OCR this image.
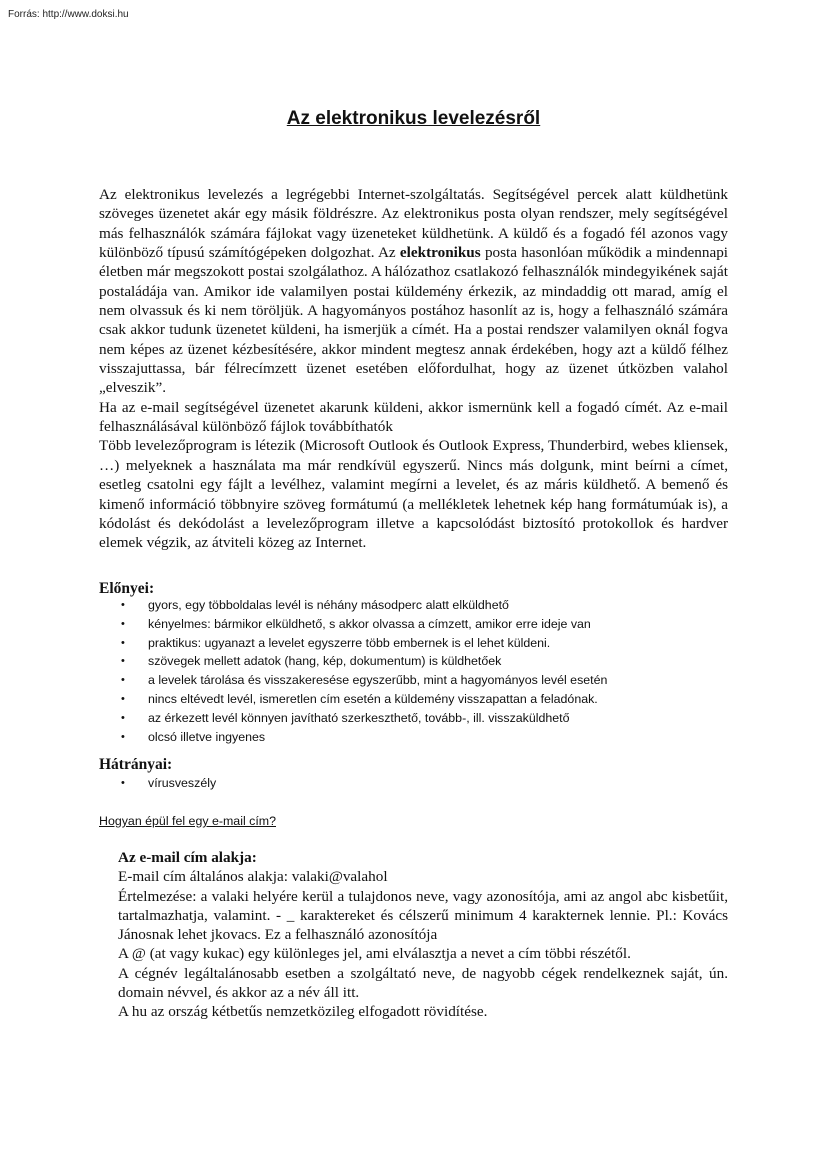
Forrás: http://www.doksi.hu
Az elektronikus levelezésről

Az elektronikus levelezés a legrégebbi Internet-szolgáltatás. Segítségével percek alatt küldhetünk szöveges üzenetet akár egy másik földrészre. Az elektronikus posta olyan rendszer, mely segítségével más felhasználók számára fájlokat vagy üzeneteket küldhetünk. A küldő és a fogadó fél azonos vagy különböző típusú számítógépeken dolgozhat. Az elektronikus posta hasonlóan működik a mindennapi életben már megszokott postai szolgálathoz. A hálózathoz csatlakozó felhasználók mindegyikének saját postaládája van. Amikor ide valamilyen postai küldemény érkezik, az mindaddig ott marad, amíg el nem olvassuk és ki nem töröljük. A hagyományos postához hasonlít az is, hogy a felhasználó számára csak akkor tudunk üzenetet küldeni, ha ismerjük a címét. Ha a postai rendszer valamilyen oknál fogva nem képes az üzenet kézbesítésére, akkor mindent megtesz annak érdekében, hogy azt a küldő félhez visszajuttassa, bár félrecímzett üzenet esetében előfordulhat, hogy az üzenet útközben valahol „elveszik”.

Ha az e-mail segítségével üzenetet akarunk küldeni, akkor ismernünk kell a fogadó címét. Az e-mail felhasználásával különböző fájlok továbbíthatók

Több levelezőprogram is létezik (Microsoft Outlook és Outlook Express, Thunderbird, webes kliensek, …) melyeknek a használata ma már rendkívül egyszerű. Nincs más dolgunk, mint beírni a címet, esetleg csatolni egy fájlt a levélhez, valamint megírni a levelet, és az máris küldhető. A bemenő és kimenő információ többnyire szöveg formátumú (a mellékletek lehetnek kép hang formátumúak is), a kódolást és dekódolást a levelezőprogram illetve a kapcsolódást biztosító protokollok és hardver elemek végzik, az átviteli közeg az Internet.

Előnyei:
• gyors, egy többoldalas levél is néhány másodperc alatt elküldhető
• kényelmes: bármikor elküldhető, s akkor olvassa a címzett, amikor erre ideje van
• praktikus: ugyanazt a levelet egyszerre több embernek is el lehet küldeni.
• szövegek mellett adatok (hang, kép, dokumentum) is küldhetőek
• a levelek tárolása és visszakeresése egyszerűbb, mint a hagyományos levél esetén
• nincs eltévedt levél, ismeretlen cím esetén a küldemény visszapattan a feladónak.
• az érkezett levél könnyen javítható szerkeszthető, tovább-, ill. visszaküldhető
• olcsó illetve ingyenes
Hátrányai:
• vírusveszély
Hogyan épül fel egy e-mail cím?

Az e-mail cím alakja:

E-mail cím általános alakja: valaki@valahol

Értelmezése: a valaki helyére kerül a tulajdonos neve, vagy azonosítója, ami az angol abc kisbetűit, tartalmazhatja, valamint. - _ karaktereket és célszerű minimum 4 karakternek lennie. Pl.: Kovács Jánosnak lehet jkovacs. Ez a felhasználó azonosítója

A @ (at vagy kukac) egy különleges jel, ami elválasztja a nevet a cím többi részétől.

A cégnév legáltalánosabb esetben a szolgáltató neve, de nagyobb cégek rendelkeznek saját, ún. domain névvel, és akkor az a név áll itt.

A hu az ország kétbetűs nemzetközileg elfogadott rövidítése.
